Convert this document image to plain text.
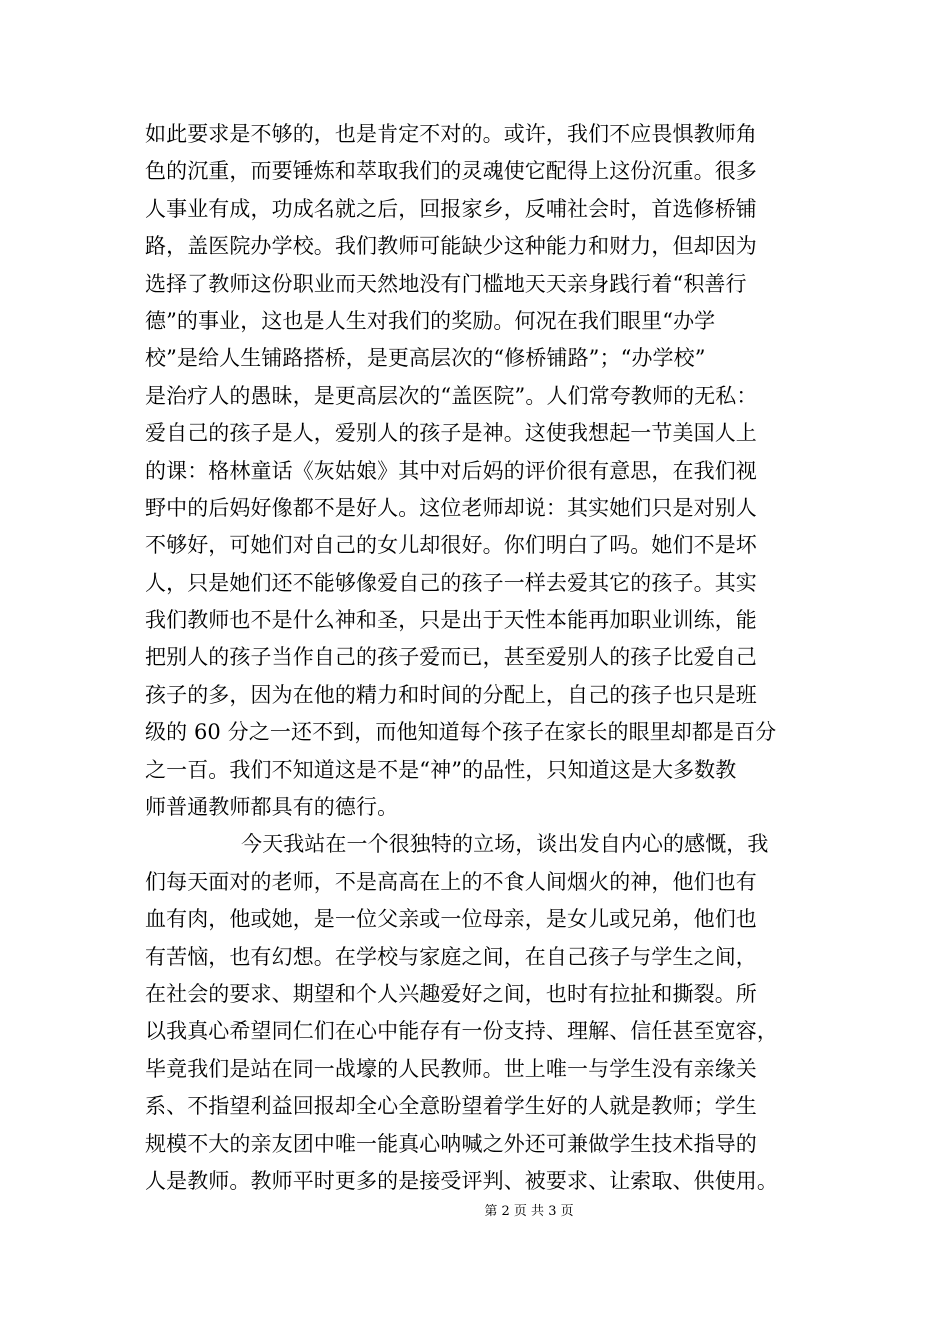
如此要求是不够的，也是肯定不对的。或许，我们不应畏惧教师角
色的沉重，而要锤炼和萃取我们的灵魂使它配得上这份沉重。很多
人事业有成，功成名就之后，回报家乡，反哺社会时，首选修桥铺
路，盖医院办学校。我们教师可能缺少这种能力和财力，但却因为
选择了教师这份职业而天然地没有门槛地天天亲身践行着“积善行
德”的事业，这也是人生对我们的奖励。何况在我们眼里“办学
校”是给人生铺路搭桥，是更高层次的“修桥铺路”；“办学校”
是治疗人的愚昧，是更高层次的“盖医院”。人们常夸教师的无私：
爱自己的孩子是人，爱别人的孩子是神。这使我想起一节美国人上
的课：格林童话《灰姑娘》其中对后妈的评价很有意思，在我们视
野中的后妈好像都不是好人。这位老师却说：其实她们只是对别人
不够好，可她们对自己的女儿却很好。你们明白了吗。她们不是坏
人，只是她们还不能够像爱自己的孩子一样去爱其它的孩子。其实
我们教师也不是什么神和圣，只是出于天性本能再加职业训练，能
把别人的孩子当作自己的孩子爱而已，甚至爱别人的孩子比爱自己
孩子的多，因为在他的精力和时间的分配上，自己的孩子也只是班
级的 60 分之一还不到，而他知道每个孩子在家长的眼里却都是百分
之一百。我们不知道这是不是“神”的品性，只知道这是大多数教
师普通教师都具有的德行。
今天我站在一个很独特的立场，谈出发自内心的感慨，我
们每天面对的老师，不是高高在上的不食人间烟火的神，他们也有
血有肉，他或她，是一位父亲或一位母亲，是女儿或兄弟，他们也
有苦恼，也有幻想。在学校与家庭之间，在自己孩子与学生之间，
在社会的要求、期望和个人兴趣爱好之间，也时有拉扯和撕裂。所
以我真心希望同仁们在心中能存有一份支持、理解、信任甚至宽容，
毕竟我们是站在同一战壕的人民教师。世上唯一与学生没有亲缘关
系、不指望利益回报却全心全意盼望着学生好的人就是教师；学生
规模不大的亲友团中唯一能真心呐喊之外还可兼做学生技术指导的
人是教师。教师平时更多的是接受评判、被要求、让索取、供使用。
第 2 页 共 3 页
